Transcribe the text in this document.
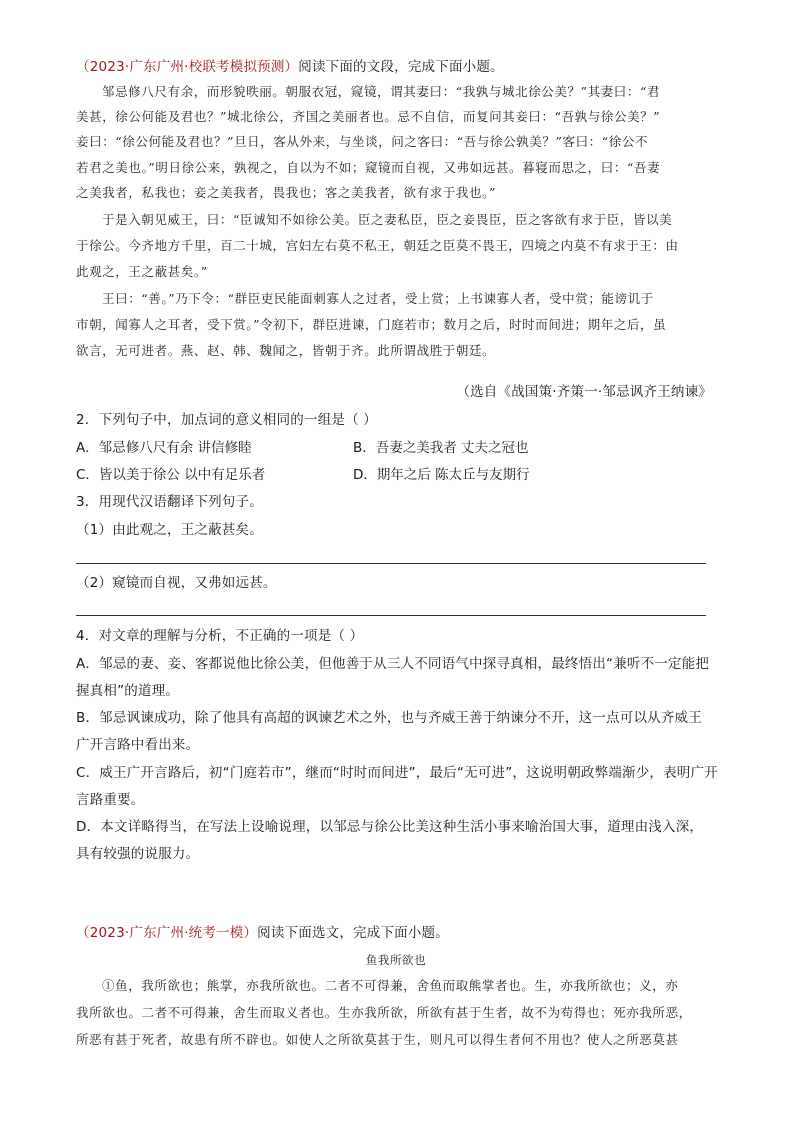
（2023·广东广州·校联考模拟预测）阅读下面的文段，完成下面小题。
邹忌修八尺有余，而形貌昳丽。朝服衣冠，窥镜，谓其妻曰：“我孰与城北徐公美？”其妻曰：“君
美甚，徐公何能及君也？”城北徐公，齐国之美丽者也。忌不自信，而复问其妾曰：“吾孰与徐公美？”
妾曰：“徐公何能及君也？”旦日，客从外来，与坐谈，问之客曰：“吾与徐公孰美？”客曰：“徐公不
若君之美也。”明日徐公来，孰视之，自以为不如；窥镜而自视，又弗如远甚。暮寝而思之，曰：“吾妻
之美我者，私我也；妾之美我者，畏我也；客之美我者，欲有求于我也。”
于是入朝见威王，曰：“臣诚知不如徐公美。臣之妻私臣，臣之妾畏臣，臣之客欲有求于臣，皆以美
于徐公。今齐地方千里，百二十城，宫妇左右莫不私王，朝廷之臣莫不畏王，四境之内莫不有求于王：由
此观之，王之蔽甚矣。”
王曰：“善。”乃下令：“群臣吏民能面刺寡人之过者，受上赏；上书谏寡人者，受中赏；能谤讥于
市朝，闻寡人之耳者，受下赏。”令初下，群臣进谏，门庭若市；数月之后，时时而间进；期年之后，虽
欲言，无可进者。燕、赵、韩、魏闻之，皆朝于齐。此所谓战胜于朝廷。
（选自《战国策·齐策一·邹忌讽齐王纳谏》
2．下列句子中，加点词的意义相同的一组是（ ）
A．邹忌修八尺有余 讲信修睦	B．吾妻之美我者 丈夫之冠也
C．皆以美于徐公 以中有足乐者	D．期年之后 陈太丘与友期行
3．用现代汉语翻译下列句子。
（1）由此观之，王之蔽甚矣。
（2）窥镜而自视，又弗如远甚。
4．对文章的理解与分析，不正确的一项是（ ）
A．邹忌的妻、妾、客都说他比徐公美，但他善于从三人不同语气中探寻真相，最终悟出“兼听不一定能把
握真相”的道理。
B．邹忌讽谏成功，除了他具有高超的讽谏艺术之外，也与齐威王善于纳谏分不开，这一点可以从齐威王
广开言路中看出来。
C．威王广开言路后，初“门庭若市”，继而“时时而间进”，最后“无可进”，这说明朝政弊端渐少，表明广开
言路重要。
D．本文详略得当，在写法上设喻说理，以邹忌与徐公比美这种生活小事来喻治国大事，道理由浅入深，
具有较强的说服力。
（2023·广东广州·统考一模）阅读下面选文，完成下面小题。
鱼我所欲也
①鱼，我所欲也；熊掌，亦我所欲也。二者不可得兼，舍鱼而取熊掌者也。生，亦我所欲也；义，亦
我所欲也。二者不可得兼，舍生而取义者也。生亦我所欲，所欲有甚于生者，故不为苟得也；死亦我所恶，
所恶有甚于死者，故患有所不辟也。如使人之所欲莫甚于生，则凡可以得生者何不用也？使人之所恶莫甚
